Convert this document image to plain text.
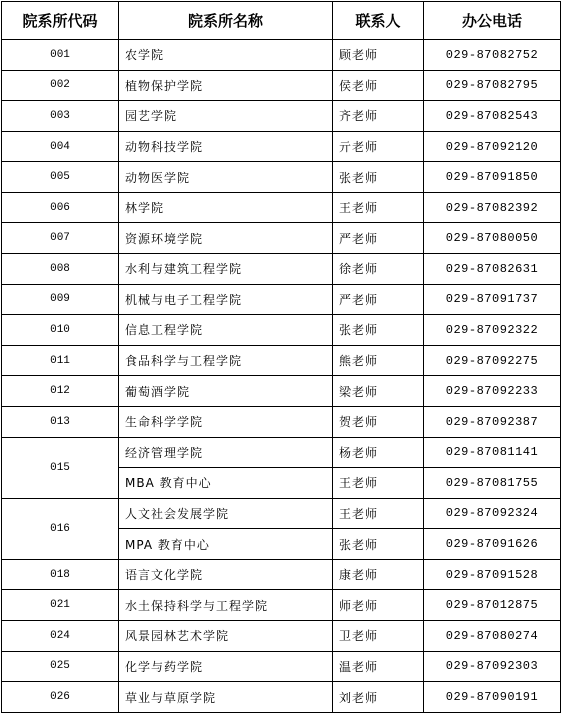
院系所代码	院系所名称	联系人	办公电话
001	农学院	顾老师	029-87082752
002	植物保护学院	侯老师	029-87082795
003	园艺学院	齐老师	029-87082543
004	动物科技学院	亓老师	029-87092120
005	动物医学院	张老师	029-87091850
006	林学院	王老师	029-87082392
007	资源环境学院	严老师	029-87080050
008	水利与建筑工程学院	徐老师	029-87082631
009	机械与电子工程学院	严老师	029-87091737
010	信息工程学院	张老师	029-87092322
011	食品科学与工程学院	熊老师	029-87092275
012	葡萄酒学院	梁老师	029-87092233
013	生命科学学院	贺老师	029-87092387
015	经济管理学院	杨老师	029-87081141
	MBA 教育中心	王老师	029-87081755
016	人文社会发展学院	王老师	029-87092324
	MPA 教育中心	张老师	029-87091626
018	语言文化学院	康老师	029-87091528
021	水土保持科学与工程学院	师老师	029-87012875
024	风景园林艺术学院	卫老师	029-87080274
025	化学与药学院	温老师	029-87092303
026	草业与草原学院	刘老师	029-87090191
